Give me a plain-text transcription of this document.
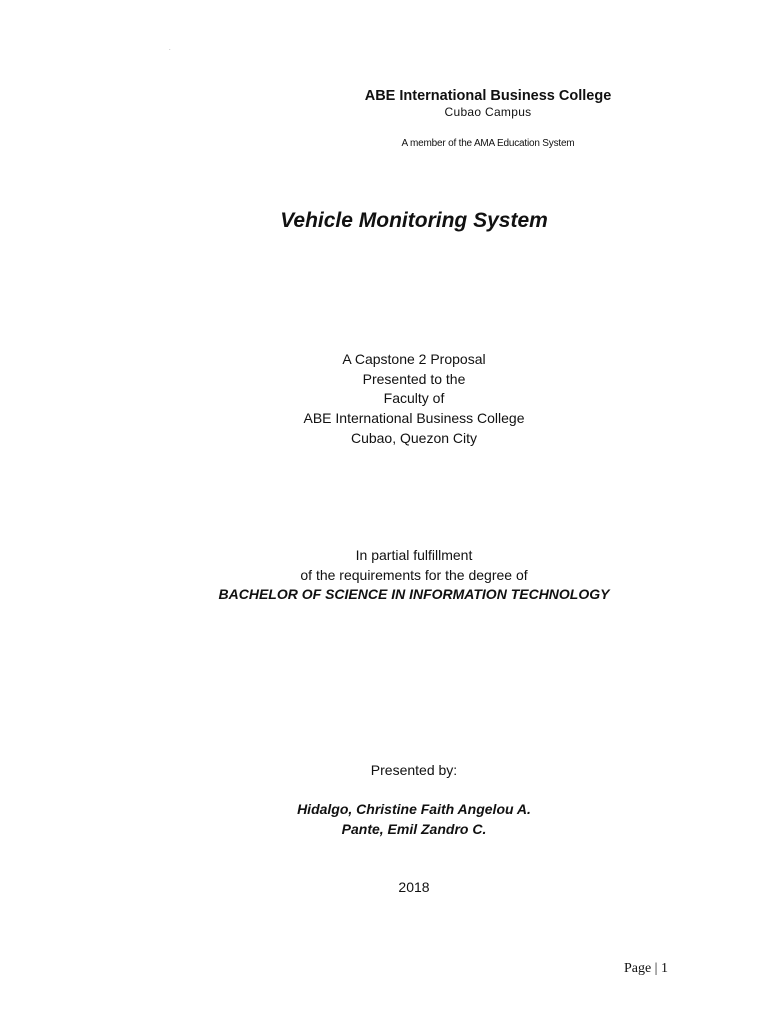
.
ABE International Business College
Cubao Campus
A member of the AMA Education System
Vehicle Monitoring System
A Capstone 2 Proposal
Presented to the
Faculty of
ABE International Business College
Cubao, Quezon City
In partial fulfillment
of the requirements for the degree of
BACHELOR OF SCIENCE IN INFORMATION TECHNOLOGY
Presented by:
Hidalgo, Christine Faith Angelou A.
Pante, Emil Zandro C.
2018
Page | 1
